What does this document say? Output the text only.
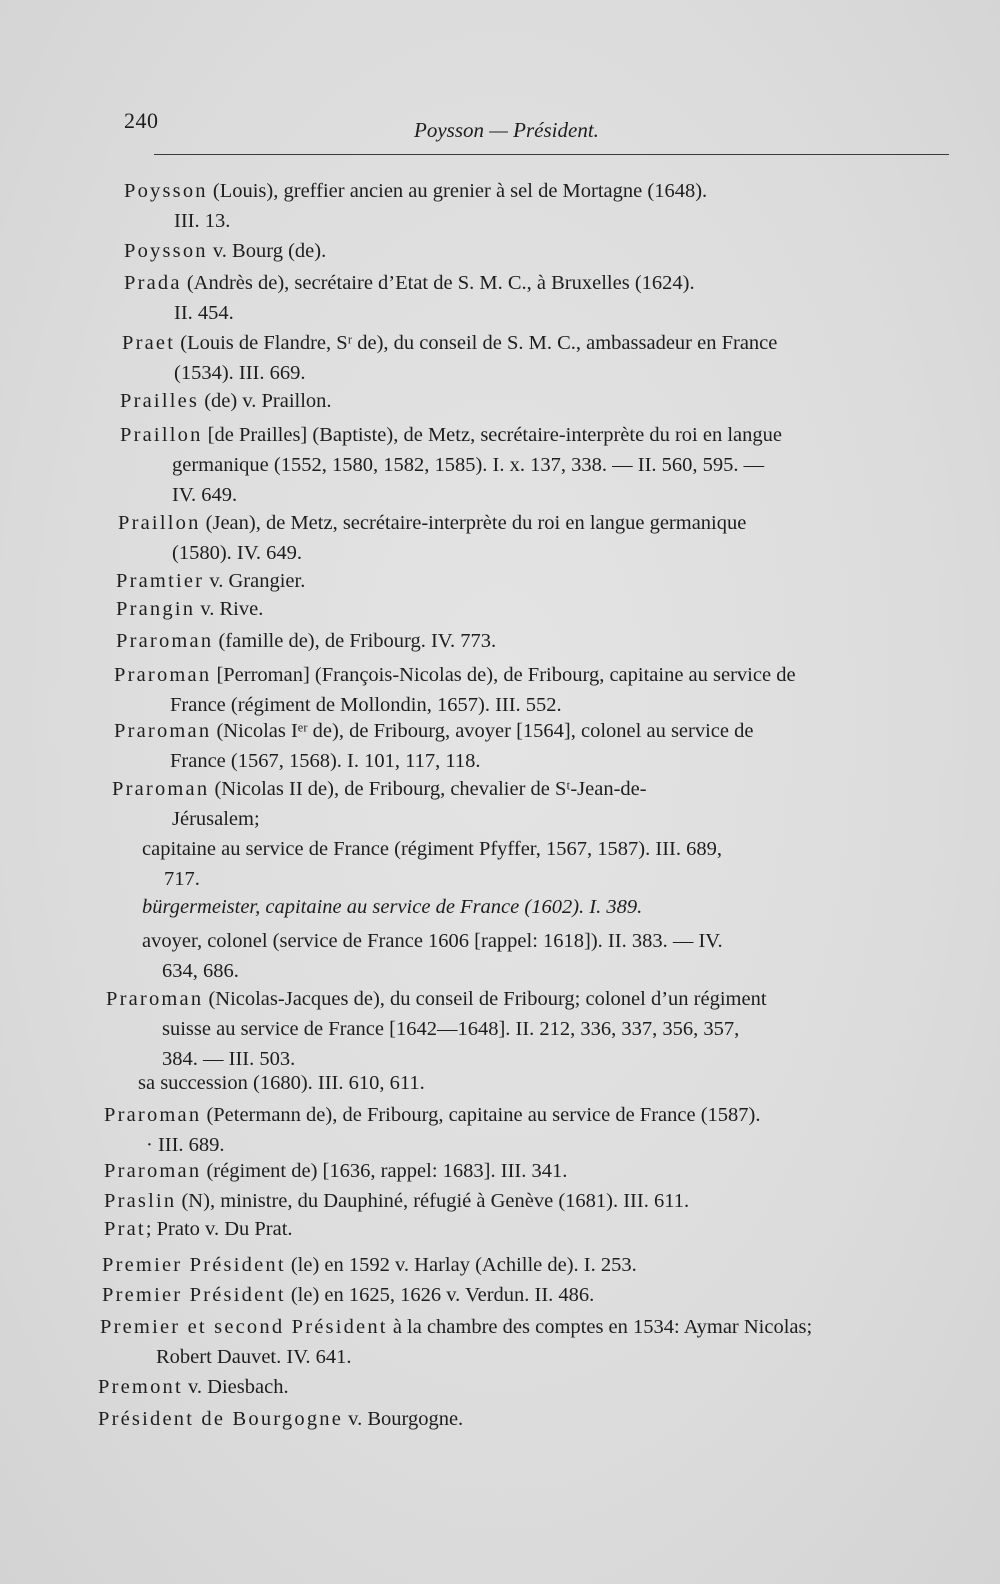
240	Poysson — Président.
Poysson (Louis), greffier ancien au grenier à sel de Mortagne (1648).
III. 13.
Poysson v. Bourg (de).
Prada (Andrès de), secrétaire d’Etat de S. M. C., à Bruxelles (1624).
II. 454.
Praet (Louis de Flandre, Sʳ de), du conseil de S. M. C., ambassadeur en France
(1534). III. 669.
Prailles (de) v. Praillon.
Praillon [de Prailles] (Baptiste), de Metz, secrétaire-interprète du roi en langue
germanique (1552, 1580, 1582, 1585). I. x. 137, 338. — II. 560, 595. —
IV. 649.
Praillon (Jean), de Metz, secrétaire-interprète du roi en langue germanique
(1580). IV. 649.
Pramtier v. Grangier.
Prangin v. Rive.
Praroman (famille de), de Fribourg. IV. 773.
Praroman [Perroman] (François-Nicolas de), de Fribourg, capitaine au service de
France (régiment de Mollondin, 1657). III. 552.
Praroman (Nicolas Iᵉʳ de), de Fribourg, avoyer [1564], colonel au service de
France (1567, 1568). I. 101, 117, 118.
Praroman (Nicolas II de), de Fribourg, chevalier de Sᵗ-Jean-de-
Jérusalem;
capitaine au service de France (régiment Pfyffer, 1567, 1587). III. 689,
717.
bürgermeister, capitaine au service de France (1602). I. 389.
avoyer, colonel (service de France 1606 [rappel: 1618]). II. 383. — IV.
634, 686.
Praroman (Nicolas-Jacques de), du conseil de Fribourg; colonel d’un régiment
suisse au service de France [1642—1648]. II. 212, 336, 337, 356, 357,
384. — III. 503.
sa succession (1680). III. 610, 611.
Praroman (Petermann de), de Fribourg, capitaine au service de France (1587).
· III. 689.
Praroman (régiment de) [1636, rappel: 1683]. III. 341.
Praslin (N), ministre, du Dauphiné, réfugié à Genève (1681). III. 611.
Prat; Prato v. Du Prat.
Premier Président (le) en 1592 v. Harlay (Achille de). I. 253.
Premier Président (le) en 1625, 1626 v. Verdun. II. 486.
Premier et second Président à la chambre des comptes en 1534: Aymar Nicolas;
Robert Dauvet. IV. 641.
Premont v. Diesbach.
Président de Bourgogne v. Bourgogne.
